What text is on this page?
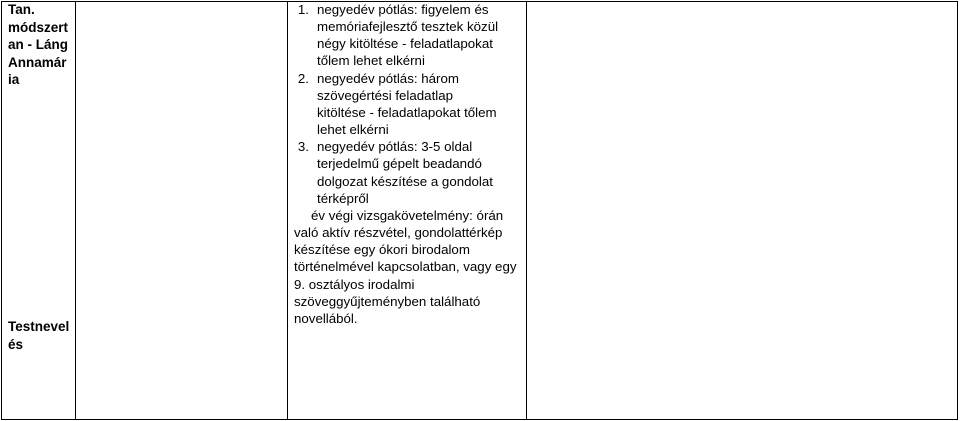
Tan.
módszert
an - Láng
Annamár
ia
Testnevel
és
1. negyedév pótlás: figyelem és
memóriafejlesztő tesztek közül
négy kitöltése - feladatlapokat
tőlem lehet elkérni
2. negyedév pótlás: három
szövegértési feladatlap
kitöltése - feladatlapokat tőlem
lehet elkérni
3. negyedév pótlás: 3-5 oldal
terjedelmű gépelt beadandó
dolgozat készítése a gondolat
térképről
év végi vizsgakövetelmény: órán
való aktív részvétel, gondolattérkép
készítése egy ókori birodalom
történelmével kapcsolatban, vagy egy
9. osztályos irodalmi
szöveggyűjteményben található
novellából.
